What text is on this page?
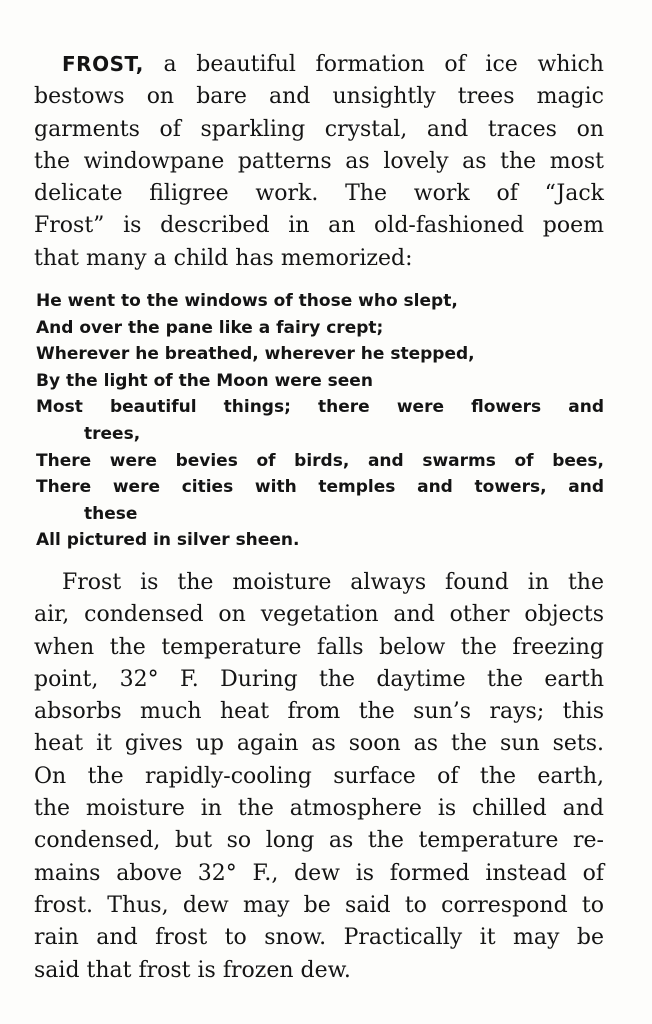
FROST, a beautiful formation of ice which
bestows on bare and unsightly trees magic
garments of sparkling crystal, and traces on
the windowpane patterns as lovely as the most
delicate filigree work. The work of “Jack
Frost” is described in an old-fashioned poem
that many a child has memorized:

He went to the windows of those who slept,
And over the pane like a fairy crept;
Wherever he breathed, wherever he stepped,
By the light of the Moon were seen
Most beautiful things; there were flowers and
trees,
There were bevies of birds, and swarms of bees,
There were cities with temples and towers, and
these
All pictured in silver sheen.

Frost is the moisture always found in the
air, condensed on vegetation and other objects
when the temperature falls below the freezing
point, 32° F. During the daytime the earth
absorbs much heat from the sun’s rays; this
heat it gives up again as soon as the sun sets.
On the rapidly-cooling surface of the earth,
the moisture in the atmosphere is chilled and
condensed, but so long as the temperature re-
mains above 32° F., dew is formed instead of
frost. Thus, dew may be said to correspond to
rain and frost to snow. Practically it may be
said that frost is frozen dew.
